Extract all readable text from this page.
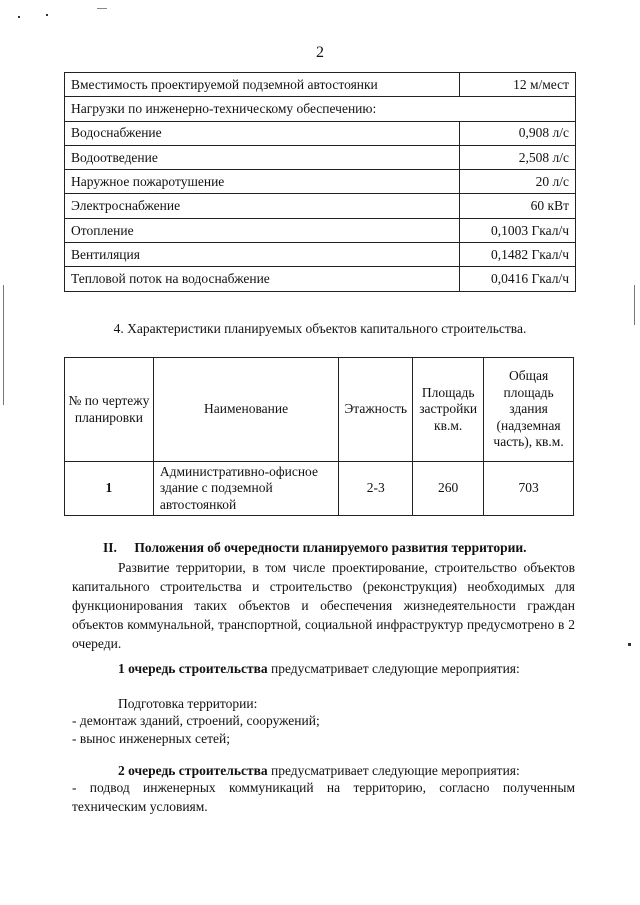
2
Вместимость проектируемой подземной автостоянки	12 м/мест
Нагрузки по инженерно-техническому обеспечению:	
Водоснабжение	0,908 л/с
Водоотведение	2,508 л/с
Наружное пожаротушение	20 л/с
Электроснабжение	60 кВт
Отопление	0,1003 Гкал/ч
Вентиляция	0,1482 Гкал/ч
Тепловой поток на водоснабжение	0,0416 Гкал/ч
4. Характеристики планируемых объектов капитального строительства.
№ по чертежу планировки	Наименование	Этажность	Площадь застройки кв.м.	Общая площадь здания (надземная часть), кв.м.
1	Административно-офисное здание с подземной автостоянкой	2-3	260	703
II. Положения об очередности планируемого развития территории.
Развитие территории, в том числе проектирование, строительство объектов капитального строительства и строительство (реконструкция) необходимых для функционирования таких объектов и обеспечения жизнедеятельности граждан объектов коммунальной, транспортной, социальной инфраструктур предусмотрено в 2 очереди.
1 очередь строительства предусматривает следующие мероприятия:
Подготовка территории:
- демонтаж зданий, строений, сооружений;
- вынос инженерных сетей;
2 очередь строительства предусматривает следующие мероприятия:
- подвод инженерных коммуникаций на территорию, согласно полученным техническим условиям.
